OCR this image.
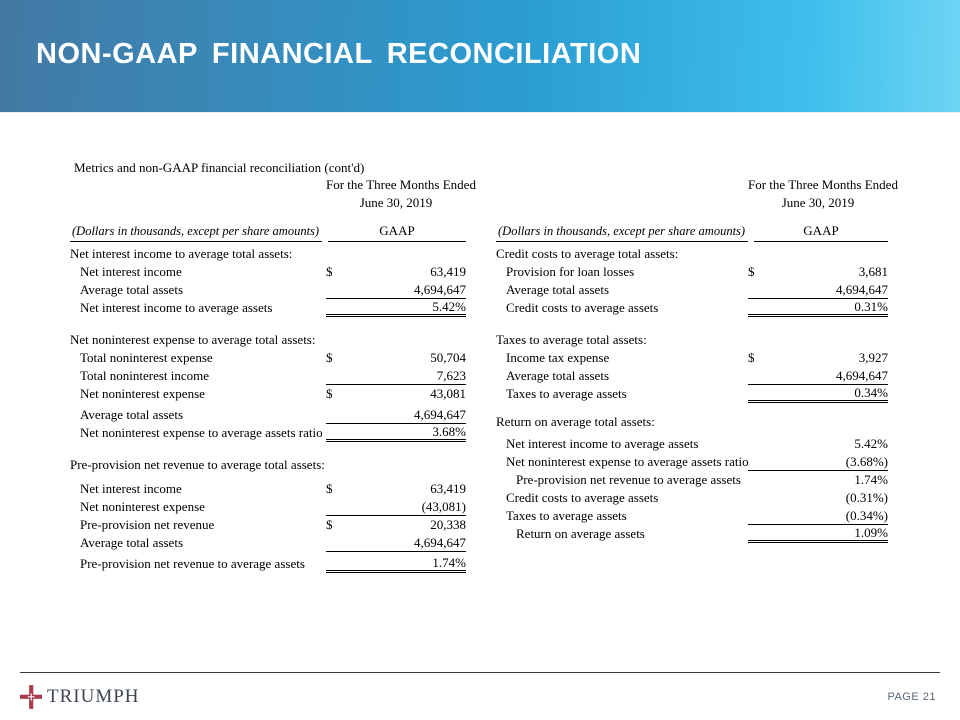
NON-GAAP FINANCIAL RECONCILIATION
Metrics and non-GAAP financial reconciliation (cont'd)
For the Three Months Ended
June 30, 2019
(Dollars in thousands, except per share amounts)	GAAP
Net interest income to average total assets:
Net interest income	$	63,419
Average total assets	4,694,647
Net interest income to average assets	5.42%
Net noninterest expense to average total assets:
Total noninterest expense	$	50,704
Total noninterest income	7,623
Net noninterest expense	$	43,081
Average total assets	4,694,647
Net noninterest expense to average assets ratio	3.68%
Pre-provision net revenue to average total assets:
Net interest income	$	63,419
Net noninterest expense	(43,081)
Pre-provision net revenue	$	20,338
Average total assets	4,694,647
Pre-provision net revenue to average assets	1.74%
For the Three Months Ended
June 30, 2019
(Dollars in thousands, except per share amounts)	GAAP
Credit costs to average total assets:
Provision for loan losses	$	3,681
Average total assets	4,694,647
Credit costs to average assets	0.31%
Taxes to average total assets:
Income tax expense	$	3,927
Average total assets	4,694,647
Taxes to average assets	0.34%
Return on average total assets:
Net interest income to average assets	5.42%
Net noninterest expense to average assets ratio	(3.68%)
Pre-provision net revenue to average assets	1.74%
Credit costs to average assets	(0.31%)
Taxes to average assets	(0.34%)
Return on average assets	1.09%
TRIUMPH	PAGE 21
